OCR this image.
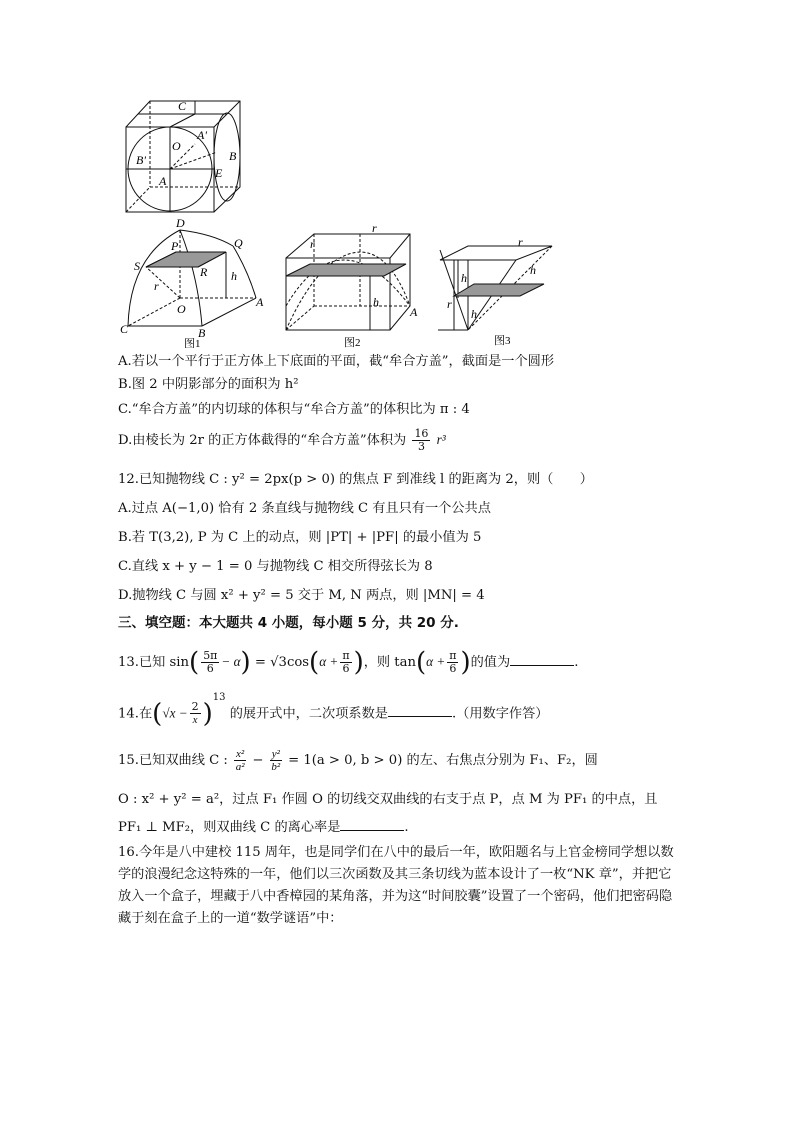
C
O
A'
B'	B
E
A
D
P	Q
S	R h
r
O	A
C	B
图1
r
r
h
A
图2
r
h
h
r
h
图3
A.若以一个平行于正方体上下底面的平面，截“牟合方盖”，截面是一个圆形
B.图 2 中阴影部分的面积为 h²
C.“牟合方盖”的内切球的体积与“牟合方盖”的体积比为 π : 4
D.由棱长为 2r 的正方体截得的“牟合方盖”体积为 $\frac{16}{3} r^3$
12.已知抛物线 C : y² = 2px(p > 0) 的焦点 F 到准线 l 的距离为 2，则（　　）
A.过点 A(−1,0) 恰有 2 条直线与抛物线 C 有且只有一个公共点
B.若 T(3,2), P 为 C 上的动点，则 |PT| + |PF| 的最小值为 5
C.直线 x + y − 1 = 0 与抛物线 C 相交所得弦长为 8
D.抛物线 C 与圆 x² + y² = 5 交于 M, N 两点，则 |MN| = 4
三、填空题：本大题共 4 小题，每小题 5 分，共 20 分.
13.已知 $\sin( \frac{5\pi}{6} - \alpha) = √3\cos(\alpha + \frac{\pi}{6}$ )，则 $\tan(\alpha + \frac{\pi}{6}$ )的值为	.
14.在$(√x - \frac{2}{x} )^{13}$ 的展开式中，二次项系数是	.（用数字作答）
15.已知双曲线 C : $\frac{\text{x²}}{\text{a²}} - \frac{\text{y²}}{\text{b²}} = 1(a > 0$, b > 0) 的左、右焦点分别为 F₁、F₂，圆
O : x² + y² = a²，过点 F₁ 作圆 O 的切线交双曲线的右支于点 P，点 M 为 PF₁ 的中点，且
PF₁ ⊥ MF₂，则双曲线 C 的离心率是	.
16.今年是八中建校 115 周年，也是同学们在八中的最后一年，欧阳题名与上官金榜同学想以数学的浪漫纪念这特殊的一年，他们以三次函数及其三条切线为蓝本设计了一枚“NK 章”，并把它放入一个盒子，埋藏于八中香樟园的某角落，并为这“时间胶囊”设置了一个密码，他们把密码隐藏于刻在盒子上的一道“数学谜语”中：
